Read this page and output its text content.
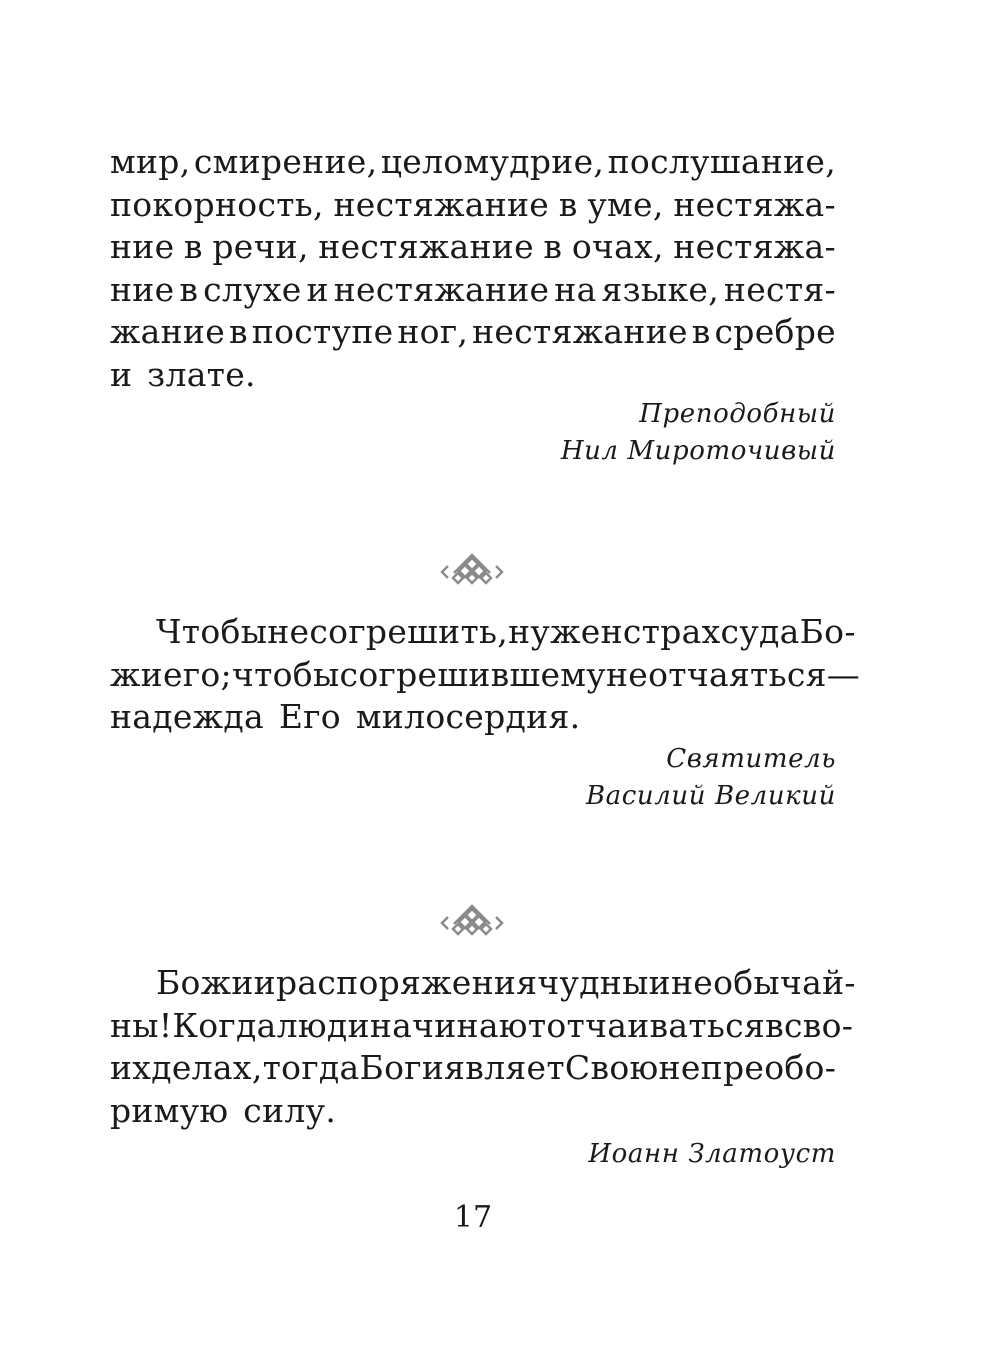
мир, смирение, целомудрие, послушание,
покорность, нестяжание в уме, нестяжа-
ние в речи, нестяжание в очах, нестяжа-
ние в слухе и нестяжание на языке, нестя-
жание в поступе ног, нестяжание в сребре
и злате.
Преподобный
Нил Мироточивый
Чтобы не согрешить, нужен страх суда Бо-
жиего; чтобы согрешившему не отчаяться —
надежда Его милосердия.
Святитель
Василий Великий
Божии распоряжения чудны и необычай-
ны! Когда люди начинают отчаиваться в сво-
их делах, тогда Бог и являет Свою непреобо-
римую силу.
Иоанн Златоуст
17
